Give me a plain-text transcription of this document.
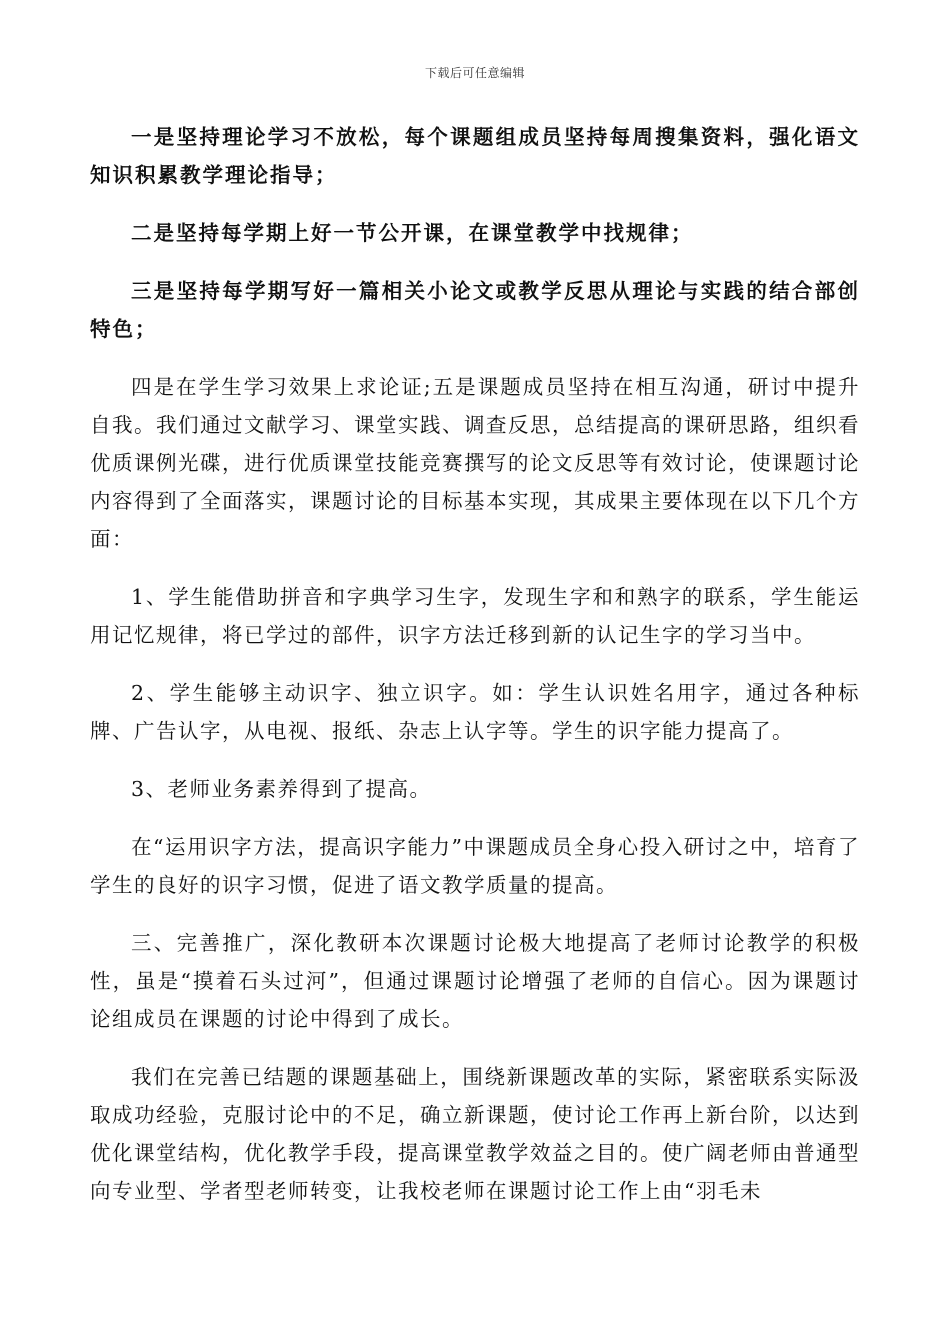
下载后可任意编辑

一是坚持理论学习不放松，每个课题组成员坚持每周搜集资料，强化语文知识积累教学理论指导；

二是坚持每学期上好一节公开课，在课堂教学中找规律；

三是坚持每学期写好一篇相关小论文或教学反思从理论与实践的结合部创特色；

四是在学生学习效果上求论证;五是课题成员坚持在相互沟通，研讨中提升自我。我们通过文献学习、课堂实践、调查反思，总结提高的课研思路，组织看优质课例光碟，进行优质课堂技能竞赛撰写的论文反思等有效讨论，使课题讨论内容得到了全面落实，课题讨论的目标基本实现，其成果主要体现在以下几个方面：

1、学生能借助拼音和字典学习生字，发现生字和和熟字的联系，学生能运用记忆规律，将已学过的部件，识字方法迁移到新的认记生字的学习当中。

2、学生能够主动识字、独立识字。如：学生认识姓名用字，通过各种标牌、广告认字，从电视、报纸、杂志上认字等。学生的识字能力提高了。

3、老师业务素养得到了提高。

在“运用识字方法，提高识字能力”中课题成员全身心投入研讨之中，培育了学生的良好的识字习惯，促进了语文教学质量的提高。

三、完善推广，深化教研本次课题讨论极大地提高了老师讨论教学的积极性，虽是“摸着石头过河”，但通过课题讨论增强了老师的自信心。因为课题讨论组成员在课题的讨论中得到了成长。

我们在完善已结题的课题基础上，围绕新课题改革的实际，紧密联系实际汲取成功经验，克服讨论中的不足，确立新课题，使讨论工作再上新台阶，以达到优化课堂结构，优化教学手段，提高课堂教学效益之目的。使广阔老师由普通型向专业型、学者型老师转变，让我校老师在课题讨论工作上由“羽毛未
